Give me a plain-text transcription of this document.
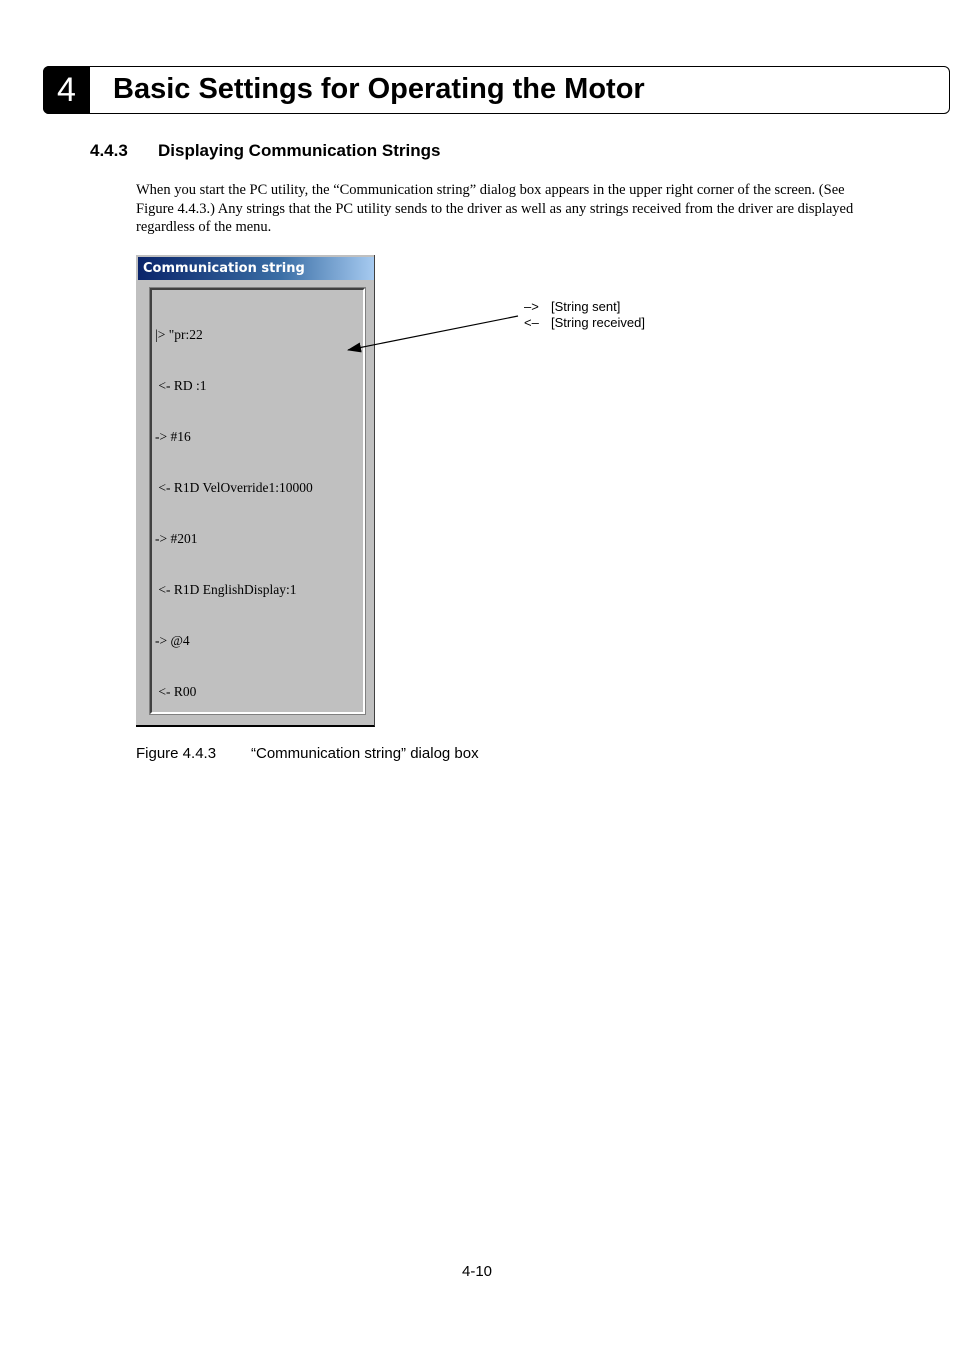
4	Basic Settings for Operating the Motor
4.4.3 Displaying Communication Strings
When you start the PC utility, the “Communication string” dialog box appears in the upper right corner of the screen. (See Figure 4.4.3.) Any strings that the PC utility sends to the driver as well as any strings received from the driver are displayed regardless of the menu.
Communication string

|> "pr:22

<- RD :1

-> #16

<- R1D VelOverride1:10000

-> #201

<- R1D EnglishDisplay:1

-> @4

<- R00

–> [String sent]
<– [String received]
Figure 4.4.3 “Communication string” dialog box
4-10
